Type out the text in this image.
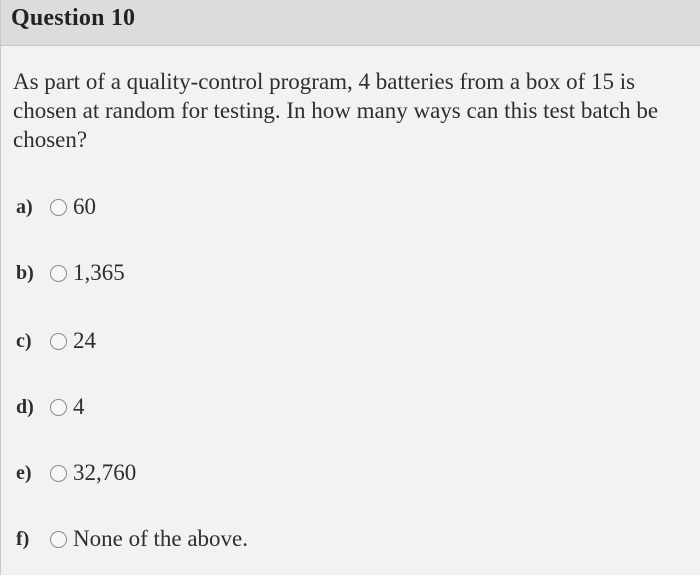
Question 10
As part of a quality-control program, 4 batteries from a box of 15 is chosen at random for testing. In how many ways can this test batch be chosen?
a)	60
b)	1,365
c)	24
d)	4
e)	32,760
f)	None of the above.
